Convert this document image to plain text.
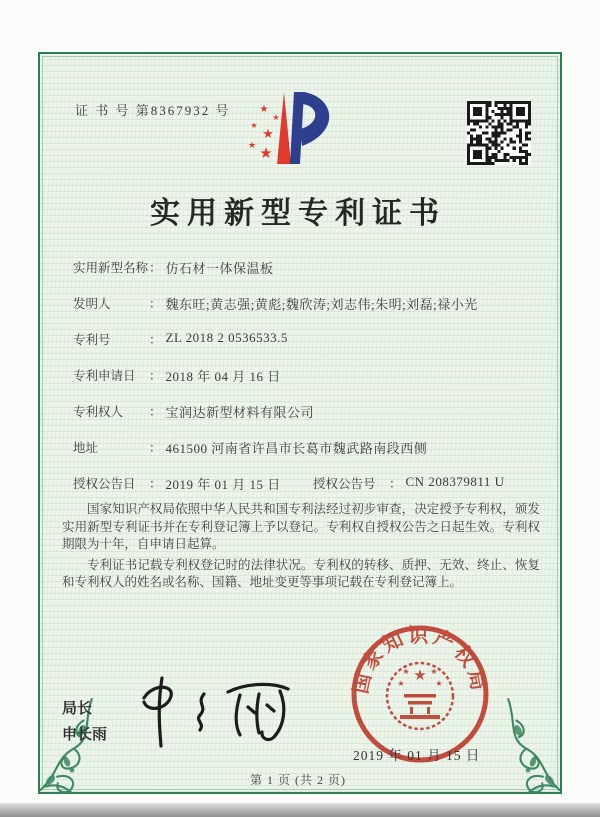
证 书 号 第8367932 号	★
★
★
★
★ ★
实用新型专利证书
实用新型名称： 仿石材一体保温板
发明人	： 魏东旺;黄志强;黄彪;魏欣涛;刘志伟;朱明;刘磊;禄小光
专利号	： ZL 2018 2 0536533.5
专利申请日 ： 2018 年 04 月 16 日
专利权人 ： 宝润达新型材料有限公司
地址	： 461500 河南省许昌市长葛市魏武路南段西侧
授权公告日 ： 2019 年 01 月 15 日	授权公告号 ： CN 208379811 U

国家知识产权局依照中华人民共和国专利法经过初步审查，决定授予专利权，颁发实用新型专利证书并在专利登记簿上予以登记。专利权自授权公告之日起生效。专利权期限为十年，自申请日起算。

专利证书记载专利权登记时的法律状况。专利权的转移、质押、无效、终止、恢复和专利权人的姓名或名称、国籍、地址变更等事项记载在专利登记簿上。

局长
申长雨
国家知识产权局
★
★	★
★	★
2019 年 01 月 15 日
第 1 页 (共 2 页)
